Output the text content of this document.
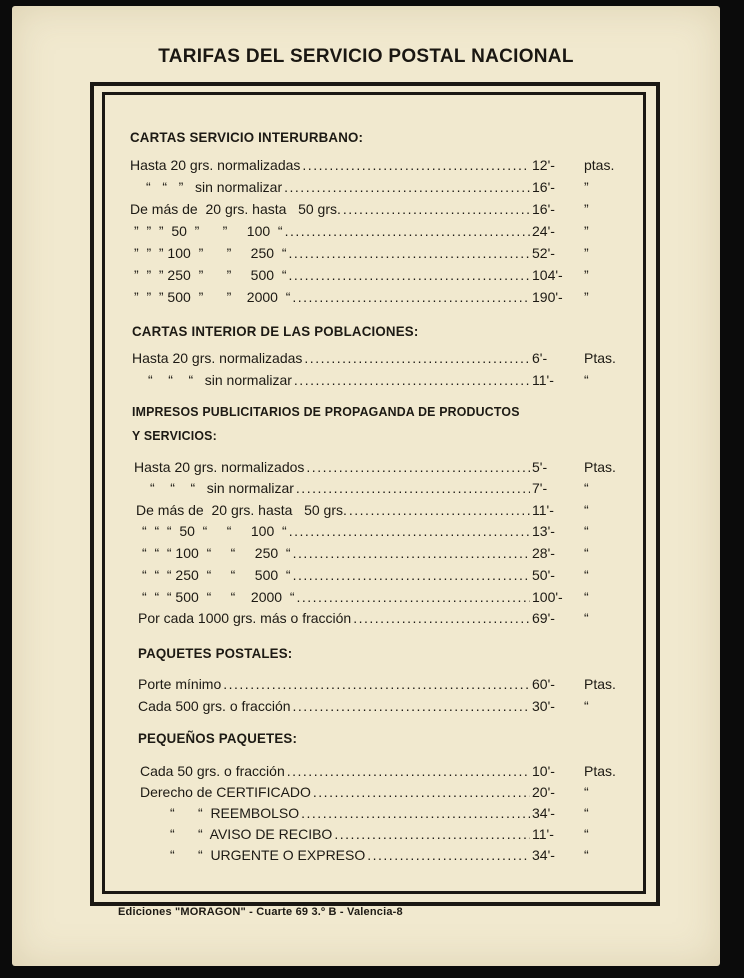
TARIFAS DEL SERVICIO POSTAL NACIONAL
CARTAS SERVICIO INTERURBANO:
Hasta 20 grs. normalizadas .....	12'-	ptas.
“   “   ”   sin normalizar .....	16'-	”
De más de  20 grs. hasta   50 grs. .....	16'-	”
”  ”  ”  50  ”      ”     100  “ .....	24'-	”
”  ”  ” 100  ”      ”     250  “ .....	52'-	”
”  ”  ” 250  ”      ”     500  “ .....	104'-	”
”  ”  ” 500  ”      ”    2000  “ .....	190'-	”
CARTAS INTERIOR DE LAS POBLACIONES:
Hasta 20 grs. normalizadas .....	6'-	Ptas.
“    “    “   sin normalizar .....	11'-	“
IMPRESOS PUBLICITARIOS DE PROPAGANDA DE PRODUCTOS
Y SERVICIOS:
Hasta 20 grs. normalizados .....	5'-	Ptas.
“    “    “   sin normalizar .....	7'-	“
De más de  20 grs. hasta   50 grs. .....	11'-	“
“  “  “  50  “     “     100  “ .....	13'-	“
“  “  “ 100  “     “     250  “ .....	28'-	“
“  “  “ 250  “     “     500  “ .....	50'-	“
“  “  “ 500  “     “    2000  “ .....	100'-	“
Por cada 1000 grs. más o fracción .....	69'-	“
PAQUETES POSTALES:
Porte mínimo .....	60'-	Ptas.
Cada 500 grs. o fracción .....	30'-	“
PEQUEÑOS PAQUETES:
Cada 50 grs. o fracción .....	10'-	Ptas.
Derecho de CERTIFICADO .....	20'-	“
“      “  REEMBOLSO .....	34'-	“
“      “  AVISO DE RECIBO .....	11'-	“
“      “  URGENTE O EXPRESO .....	34'-	“
Ediciones "MORAGON" - Cuarte 69 3.º B - Valencia-8
